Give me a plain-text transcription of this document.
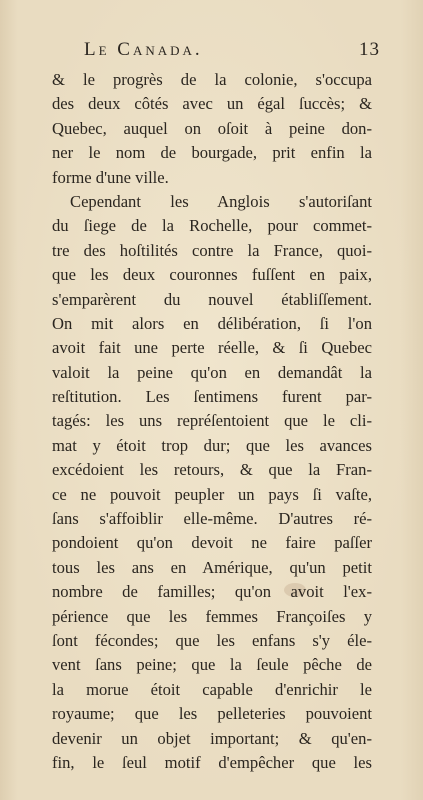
Le Canada.	13
& le progrès de la colonie, s'occupa
des deux côtés avec un égal ſuccès; &
Quebec, auquel on oſoit à peine don-
ner le nom de bourgade, prit enfin la
forme d'une ville.
Cependant les Anglois s'autoriſant
du ſiege de la Rochelle, pour commet-
tre des hoſtilités contre la France, quoi-
que les deux couronnes fuſſent en paix,
s'emparèrent du nouvel établiſſement.
On mit alors en délibération, ſi l'on
avoit fait une perte réelle, & ſi Quebec
valoit la peine qu'on en demandât la
reſtitution. Les ſentimens furent par-
tagés: les uns repréſentoient que le cli-
mat y étoit trop dur; que les avances
excédoient les retours, & que la Fran-
ce ne pouvoit peupler un pays ſi vaſte,
ſans s'affoiblir elle-même. D'autres ré-
pondoient qu'on devoit ne faire paſſer
tous les ans en Amérique, qu'un petit
nombre de familles; qu'on avoit l'ex-
périence que les femmes Françoiſes y
ſont fécondes; que les enfans s'y éle-
vent ſans peine; que la ſeule pêche de
la morue étoit capable d'enrichir le
royaume; que les pelleteries pouvoient
devenir un objet important; & qu'en-
fin, le ſeul motif d'empêcher que les
